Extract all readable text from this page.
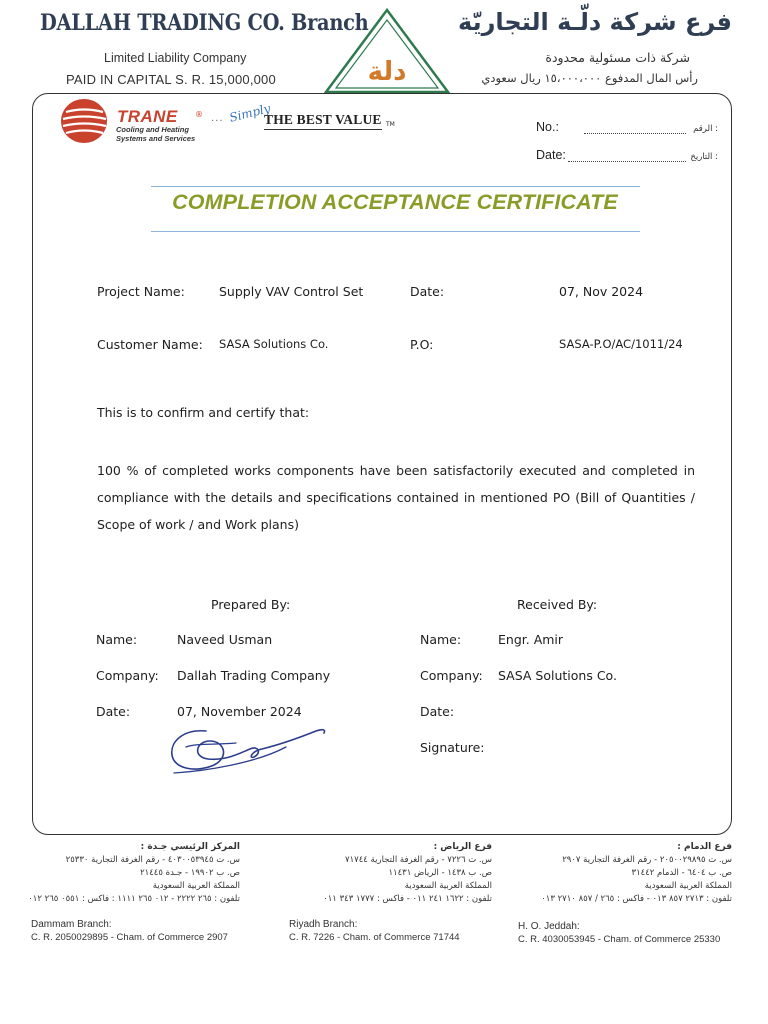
DALLAH TRADING CO. Branch
Limited Liability Company
PAID IN CAPITAL S. R. 15,000,000	دلة
فرع شركة دلّـة التجاريّة
شركة ذات مسئولية محدودة
رأس المال المدفوع ١٥،٠٠٠،٠٠٠ ريال سعودي
TRANE ®
Cooling and Heating
Systems and Services
... Simply
THE BEST VALUE TM	No.:	: الرقم
Date:	: التاريخ
COMPLETION ACCEPTANCE CERTIFICATE
Project Name:	Supply VAV Control Set	Date:	07, Nov 2024
Customer Name: SASA Solutions Co.	P.O:	SASA-P.O/AC/1011/24
This is to confirm and certify that:
100 % of completed works components have been satisfactorily executed and completed in compliance with the details and specifications contained in mentioned PO (Bill of Quantities / Scope of work / and Work plans)
Prepared By:	Received By:
Name:	Naveed Usman	Name:	Engr. Amir
Company: Dallah Trading Company	Company: SASA Solutions Co.
Date:	07, November 2024	Date:
Signature:
المركز الرئيسي جـدة :
س. ت ٤٠٣٠٠٥٣٩٤٥ - رقم الغرفة التجارية ٢٥٣٣٠
ص. ب ١٩٩٠٢ - جـدة ٢١٤٤٥
المملكة العربية السعودية
تلفون : ٢٦٥ ٢٢٢٢ - ٠١٢ ٢٦٥ ١١١١ : فاكس : ٠٥٥١ ٢٦٥ ٠١٢
فرع الرياض :
س. ت ٧٢٢٦ - رقم الغرفة التجارية ٧١٧٤٤
ص. ب ١٤٣٨ - الرياض ١١٤٣١
المملكة العربية السعودية
تلفون : ١٦٢٢ ٢٤١ ٠١١ - فاكس : ١٧٧٧ ٣٤٣ ٠١١
فرع الدمام :
س. ت ٢٠٥٠٠٢٩٨٩٥ - رقم الغرفة التجارية ٢٩٠٧
ص. ب ٦٤٠٤ - الدمام ٣١٤٤٢
المملكة العربية السعودية
تلفون : ٢٧١٣ ٨٥٧ ٠١٣ - فاكس : ٢٦٥ / ٨٥٧ ٢٧١٠ ٠١٣
Dammam Branch:
C. R. 2050029895 - Cham. of Commerce 2907
Riyadh Branch:
C. R. 7226 - Cham. of Commerce 71744
H. O. Jeddah:
C. R. 4030053945 - Cham. of Commerce 25330
